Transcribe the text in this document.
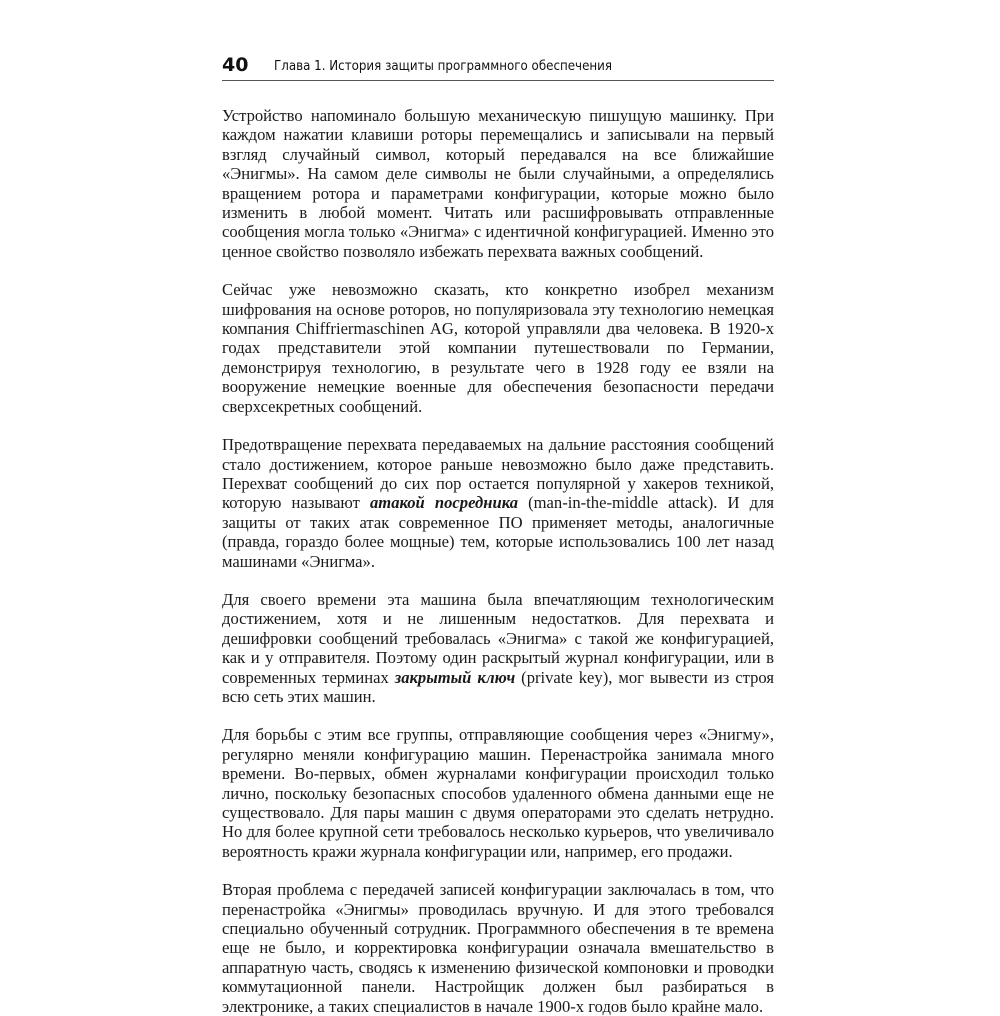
40 Глава 1. История защиты программного обеспечения

Устройство напоминало большую механическую пишущую машинку. При каждом нажатии клавиши роторы перемещались и записывали на первый взгляд случайный символ, который передавался на все ближайшие «Энигмы». На самом деле символы не были случайными, а определялись вращением ротора и параметрами конфигурации, которые можно было изменить в любой момент. Читать или расшифровывать отправленные сообщения могла только «Энигма» с идентичной конфигурацией. Именно это ценное свойство позволяло избежать перехвата важных сообщений.

Сейчас уже невозможно сказать, кто конкретно изобрел механизм шифрования на основе роторов, но популяризовала эту технологию немецкая компания Chiffriermaschinen AG, которой управляли два человека. В 1920-х годах представители этой компании путешествовали по Германии, демонстрируя технологию, в результате чего в 1928 году ее взяли на вооружение немецкие военные для обеспечения безопасности передачи сверхсекретных сообщений.

Предотвращение перехвата передаваемых на дальние расстояния сообщений стало достижением, которое раньше невозможно было даже представить. Перехват сообщений до сих пор остается популярной у хакеров техникой, которую называют атакой посредника (man-in-the-middle attack). И для защиты от таких атак современное ПО применяет методы, аналогичные (правда, гораздо более мощные) тем, которые использовались 100 лет назад машинами «Энигма».

Для своего времени эта машина была впечатляющим технологическим достижением, хотя и не лишенным недостатков. Для перехвата и дешифровки сообщений требовалась «Энигма» с такой же конфигурацией, как и у отправителя. Поэтому один раскрытый журнал конфигурации, или в современных терминах закрытый ключ (private key), мог вывести из строя всю сеть этих машин.

Для борьбы с этим все группы, отправляющие сообщения через «Энигму», регулярно меняли конфигурацию машин. Перенастройка занимала много времени. Во-первых, обмен журналами конфигурации происходил только лично, поскольку безопасных способов удаленного обмена данными еще не существовало. Для пары машин с двумя операторами это сделать нетрудно. Но для более крупной сети требовалось несколько курьеров, что увеличивало вероятность кражи журнала конфигурации или, например, его продажи.

Вторая проблема с передачей записей конфигурации заключалась в том, что перенастройка «Энигмы» проводилась вручную. И для этого требовался специально обученный сотрудник. Программного обеспечения в те времена еще не было, и корректировка конфигурации означала вмешательство в аппаратную часть, сводясь к изменению физической компоновки и проводки коммутационной панели. Настройщик должен был разбираться в электронике, а таких специалистов в начале 1900-х годов было крайне мало.
